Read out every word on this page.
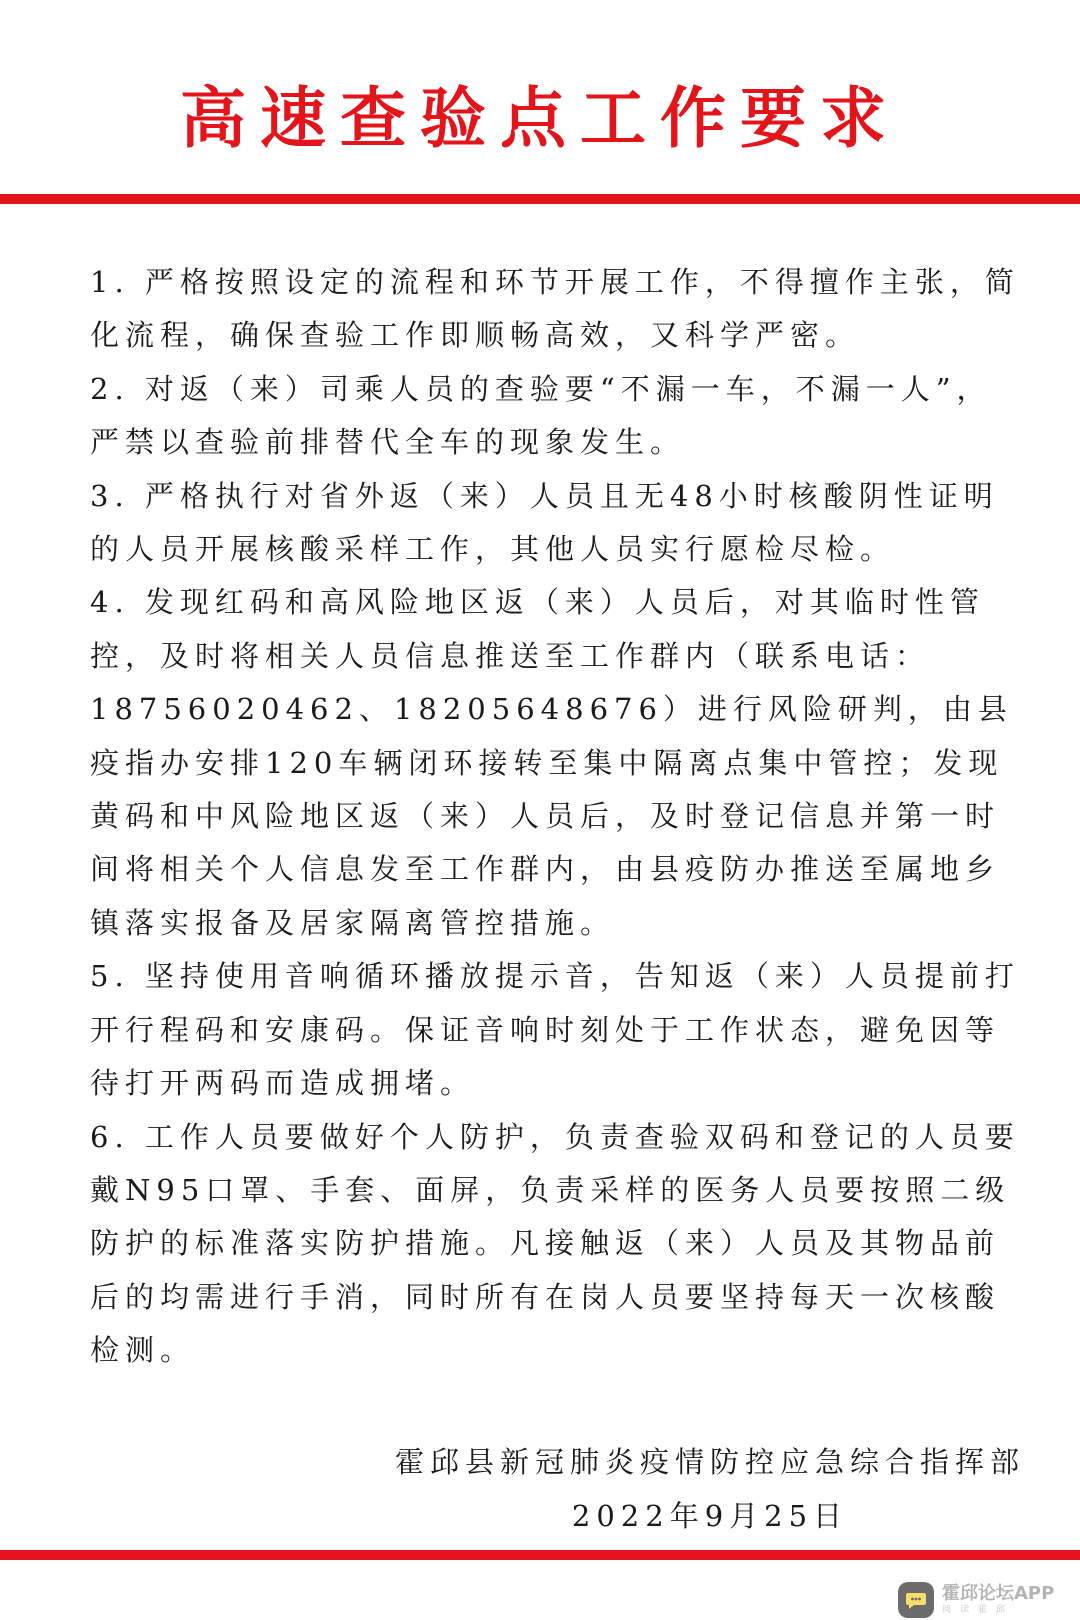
高速查验点工作要求

1. 严格按照设定的流程和环节开展工作，不得擅作主张，简化流程，确保查验工作即顺畅高效，又科学严密。

2. 对返（来）司乘人员的查验要“不漏一车，不漏一人”，严禁以查验前排替代全车的现象发生。

3. 严格执行对省外返（来）人员且无48小时核酸阴性证明的人员开展核酸采样工作，其他人员实行愿检尽检。

4. 发现红码和高风险地区返（来）人员后，对其临时性管控，及时将相关人员信息推送至工作群内（联系电话：18756020462、18205648676）进行风险研判，由县疫指办安排120车辆闭环接转至集中隔离点集中管控；发现黄码和中风险地区返（来）人员后，及时登记信息并第一时间将相关个人信息发至工作群内，由县疫防办推送至属地乡镇落实报备及居家隔离管控措施。

5. 坚持使用音响循环播放提示音，告知返（来）人员提前打开行程码和安康码。保证音响时刻处于工作状态，避免因等待打开两码而造成拥堵。

6. 工作人员要做好个人防护，负责查验双码和登记的人员要戴N95口罩、手套、面屏，负责采样的医务人员要按照二级防护的标准落实防护措施。凡接触返（来）人员及其物品前后的均需进行手消，同时所有在岗人员要坚持每天一次核酸检测。

霍邱县新冠肺炎疫情防控应急综合指挥部
2022年9月25日
霍邱论坛APP
阅读霍邱
